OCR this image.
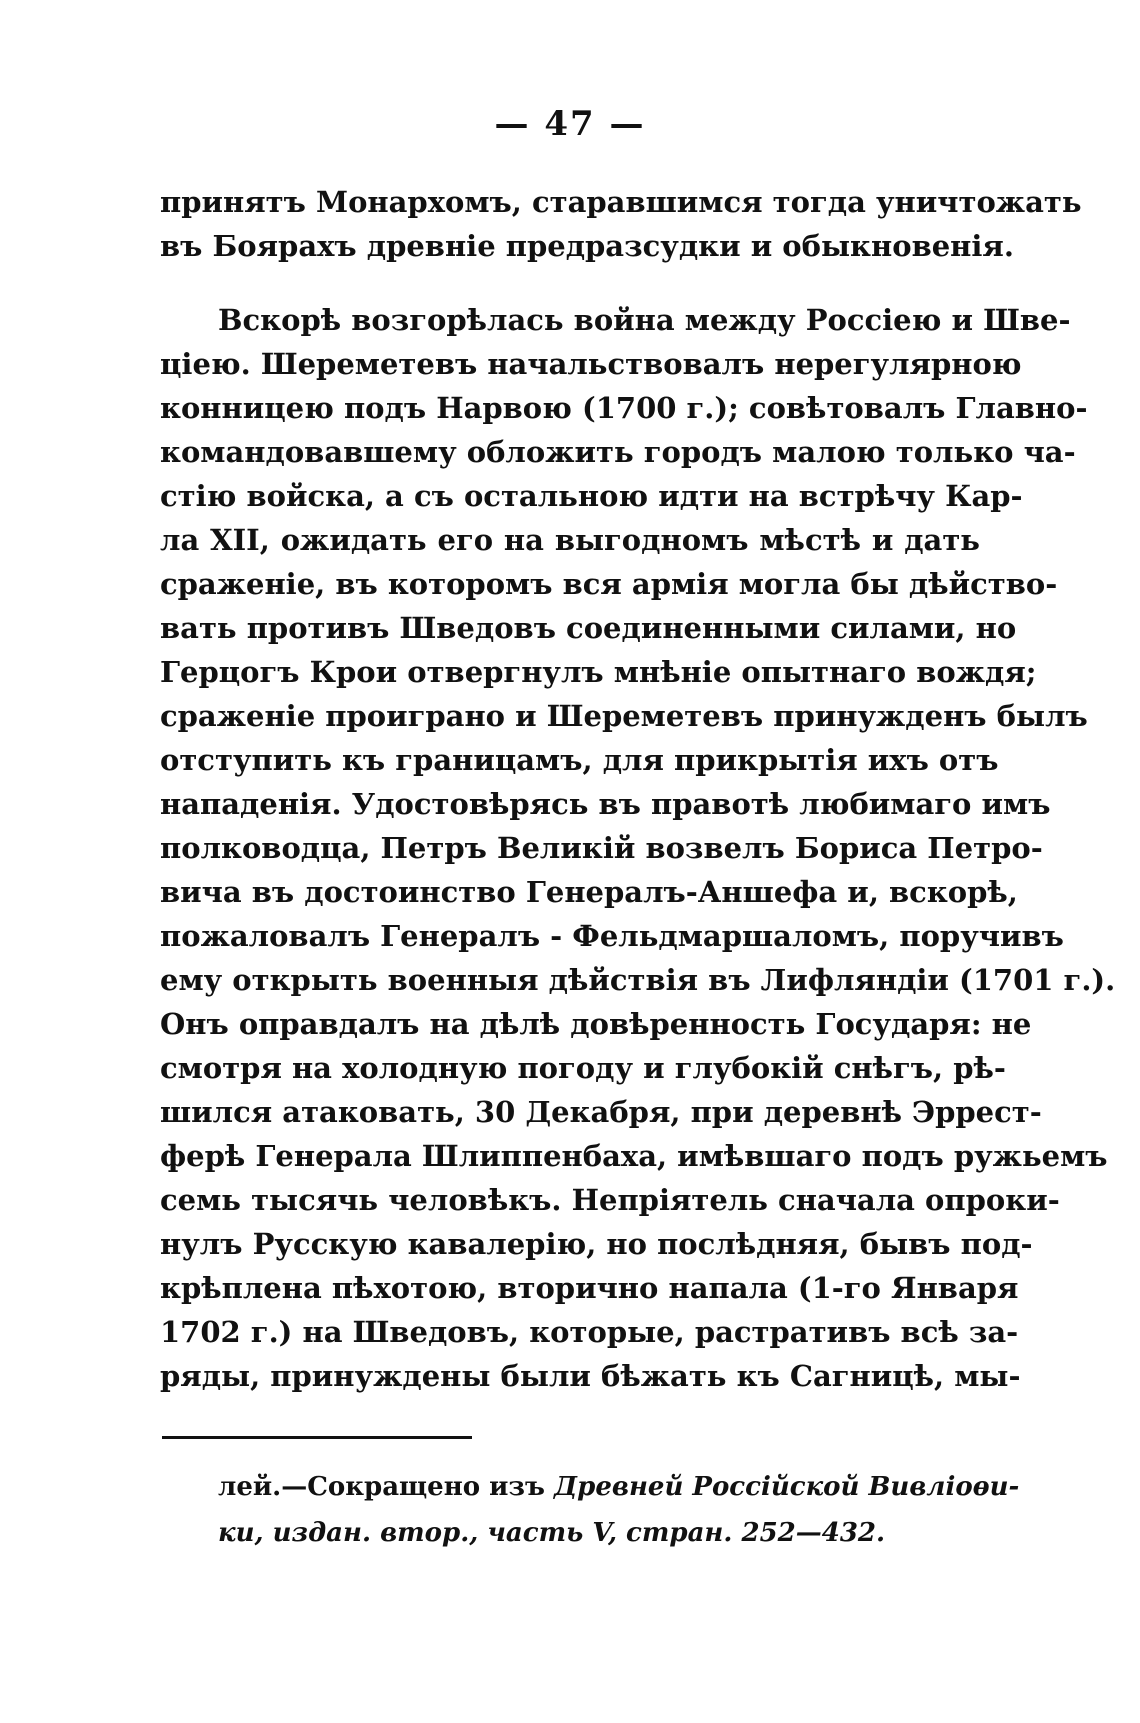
— 47 —
принятъ Монархомъ, старавшимся тогда уничтожать
въ Боярахъ древніе предразсудки и обыкновенія.
Вскорѣ возгорѣлась война между Россіею и Шве-
ціею. Шереметевъ начальствовалъ нерегулярною
конницею подъ Нарвою (1700 г.); совѣтовалъ Главно-
командовавшему обложить городъ малою только ча-
стію войска, а съ остальною идти на встрѣчу Кар-
ла XII, ожидать его на выгодномъ мѣстѣ и дать
сраженіе, въ которомъ вся армія могла бы дѣйство-
вать противъ Шведовъ соединенными силами, но
Герцогъ Крои отвергнулъ мнѣніе опытнаго вождя;
сраженіе проиграно и Шереметевъ принужденъ былъ
отступить къ границамъ, для прикрытія ихъ отъ
нападенія. Удостовѣрясь въ правотѣ любимаго имъ
полководца, Петръ Великій возвелъ Бориса Петро-
вича въ достоинство Генералъ-Аншефа и, вскорѣ,
пожаловалъ Генералъ - Фельдмаршаломъ, поручивъ
ему открыть военныя дѣйствія въ Лифляндіи (1701 г.).
Онъ оправдалъ на дѣлѣ довѣренность Государя: не
смотря на холодную погоду и глубокій снѣгъ, рѣ-
шился атаковать, 30 Декабря, при деревнѣ Эррест-
ферѣ Генерала Шлиппенбаха, имѣвшаго подъ ружьемъ
семь тысячь человѣкъ. Непріятель сначала опроки-
нулъ Русскую кавалерію, но послѣдняя, бывъ под-
крѣплена пѣхотою, вторично напала (1-го Января
1702 г.) на Шведовъ, которые, растративъ всѣ за-
ряды, принуждены были бѣжать къ Сагницѣ, мы-
лей.—Сокращено изъ Древней Россійской Вивліоѳи-
ки, издан. втор., часть V, стран. 252—432.
